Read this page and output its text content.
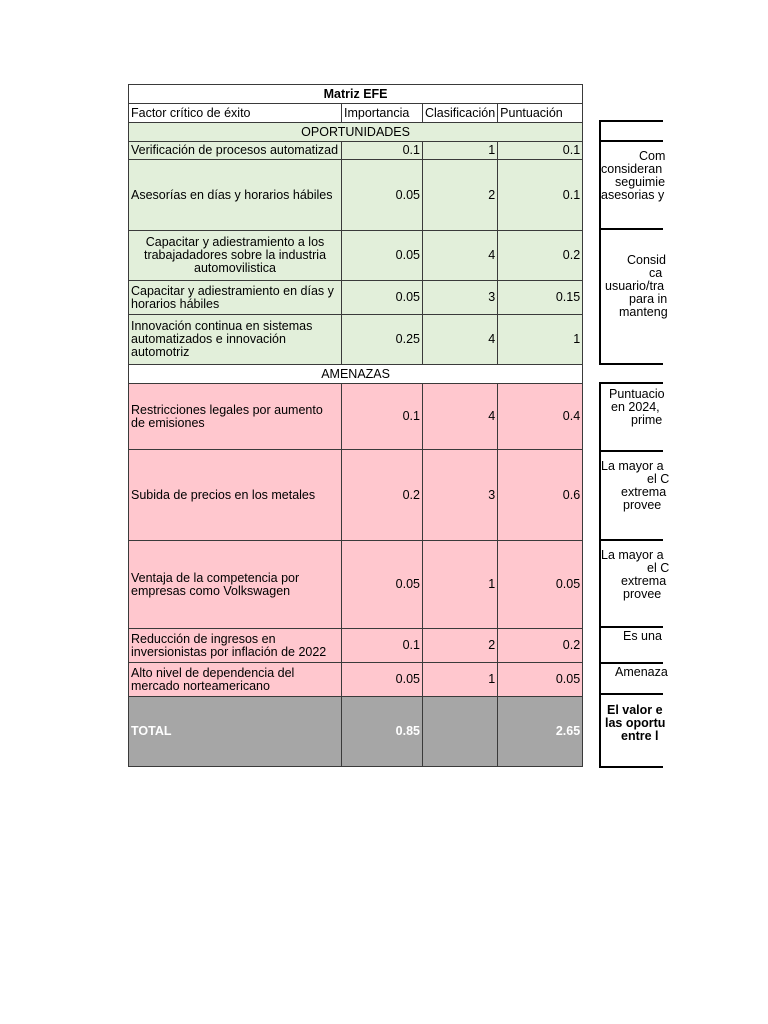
Matriz EFE			
Factor crítico de éxito	Importancia	Clasificación	Puntuación
OPORTUNIDADES			
Verificación de procesos automatizad	0.1	1	0.1
Asesorías en días y horarios hábiles	0.05	2	0.1
Capacitar y adiestramiento a los trabajadadores sobre la industria automovilistica	0.05	4	0.2
Capacitar y adiestramiento en días y horarios hábiles	0.05	3	0.15
Innovación continua en sistemas automatizados e innovación automotriz	0.25	4	1
AMENAZAS			
Restricciones legales por aumento de emisiones	0.1	4	0.4
Subida de precios en los metales	0.2	3	0.6
Ventaja de la competencia por empresas como Volkswagen	0.05	1	0.05
Reducción de ingresos en inversionistas por inflación de 2022	0.1	2	0.2
Alto nivel de dependencia del mercado norteamericano	0.05	1	0.05
TOTAL	0.85		2.65
Com
consideran
seguimie
asesorias y
Consid
ca
usuario/tra
para in
manteng
Puntuacio
en 2024,
prime
La mayor a
el C
extrema
provee
La mayor a
el C
extrema
provee
Es una
Amenaza
El valor e
las oportu
entre l
